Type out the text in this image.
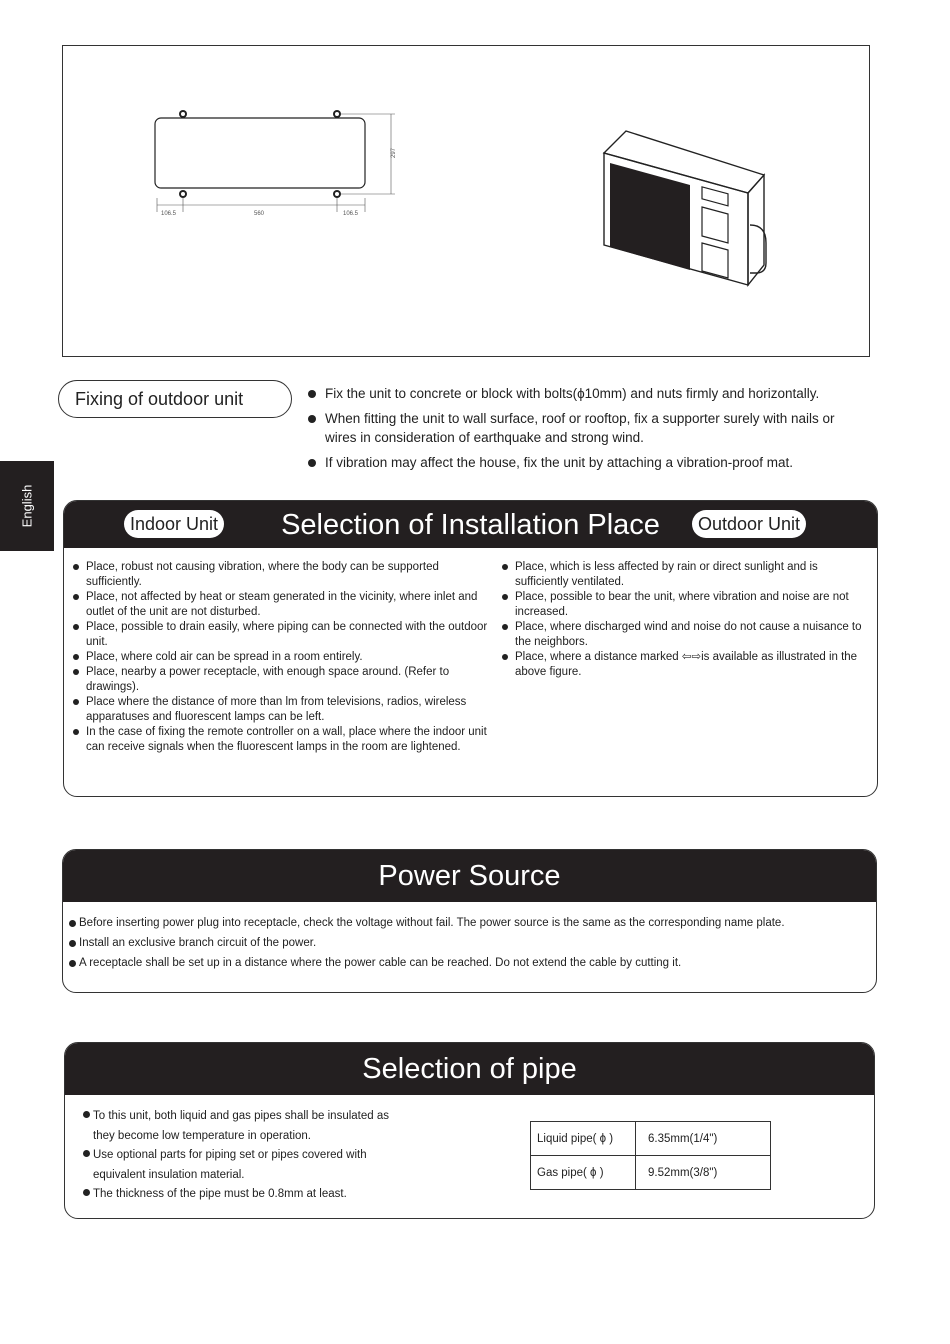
106.5	560	106.5
297
English
Fixing of outdoor unit	Fix the unit to concrete or block with bolts(ϕ10mm) and nuts firmly and horizontally.
When fitting the unit to wall surface, roof or rooftop, fix a supporter surely with nails or wires in consideration of earthquake and strong wind.
If vibration may affect the house, fix the unit by attaching a vibration-proof mat.
Selection of Installation Place
Indoor Unit	Outdoor Unit
Place, robust not causing vibration, where the body can be supported sufficiently.
Place, not affected by heat or steam generated in the vicinity, where inlet and outlet of the unit are not disturbed.
Place, possible to drain easily, where piping can be connected with the outdoor unit.
Place, where cold air can be spread in a room entirely.
Place, nearby a power receptacle, with enough space around. (Refer to drawings).
Place where the distance of more than lm from televisions, radios, wireless apparatuses and fluorescent lamps can be left.
In the case of fixing the remote controller on a wall, place where the indoor unit can receive signals when the fluorescent lamps in the room are lightened.
Place, which is less affected by rain or direct sunlight and is sufficiently ventilated.
Place, possible to bear the unit, where vibration and noise are not increased.
Place, where discharged wind and noise do not cause a nuisance to the neighbors.
Place, where a distance marked ⇦⇨is available as illustrated in the above figure.
Power Source
Before inserting power plug into receptacle, check the voltage without fail. The power source is the same as the corresponding name plate.
Install an exclusive branch circuit of the power.
A receptacle shall be set up in a distance where the power cable can be reached. Do not extend the cable by cutting it.
Selection of pipe
To this unit, both liquid and gas pipes shall be insulated as they become low temperature in operation.
Use optional parts for piping set or pipes covered with equivalent insulation material.
The thickness of the pipe must be 0.8mm at least.
Liquid pipe( ϕ )	6.35mm(1/4")
Gas pipe( ϕ )	9.52mm(3/8")
